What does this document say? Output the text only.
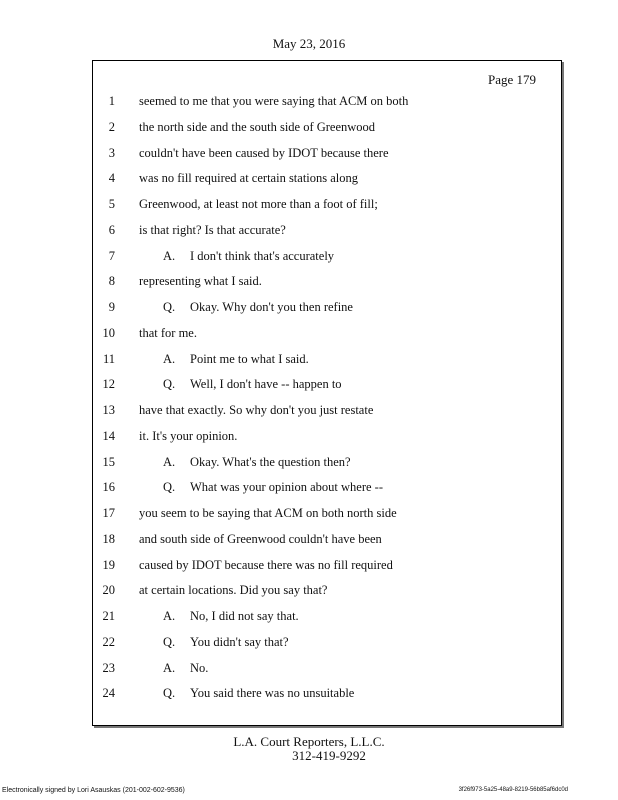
May 23, 2016
Page 179
1 seemed to me that you were saying that ACM on both
2 the north side and the south side of Greenwood
3 couldn't have been caused by IDOT because there
4 was no fill required at certain stations along
5 Greenwood, at least not more than a foot of fill;
6 is that right? Is that accurate?
7	A. I don't think that's accurately
8 representing what I said.
9	Q. Okay. Why don't you then refine
10 that for me.
11	A. Point me to what I said.
12	Q. Well, I don't have -- happen to
13 have that exactly. So why don't you just restate
14 it. It's your opinion.
15	A. Okay. What's the question then?
16	Q. What was your opinion about where --
17 you seem to be saying that ACM on both north side
18 and south side of Greenwood couldn't have been
19 caused by IDOT because there was no fill required
20 at certain locations. Did you say that?
21	A. No, I did not say that.
22	Q. You didn't say that?
23	A. No.
24	Q. You said there was no unsuitable
L.A. Court Reporters, L.L.C.
312-419-9292
Electronically signed by Lori Asauskas (201-002-602-9536)	3f26f973-5a25-48a9-8219-56b85af6dc0d
